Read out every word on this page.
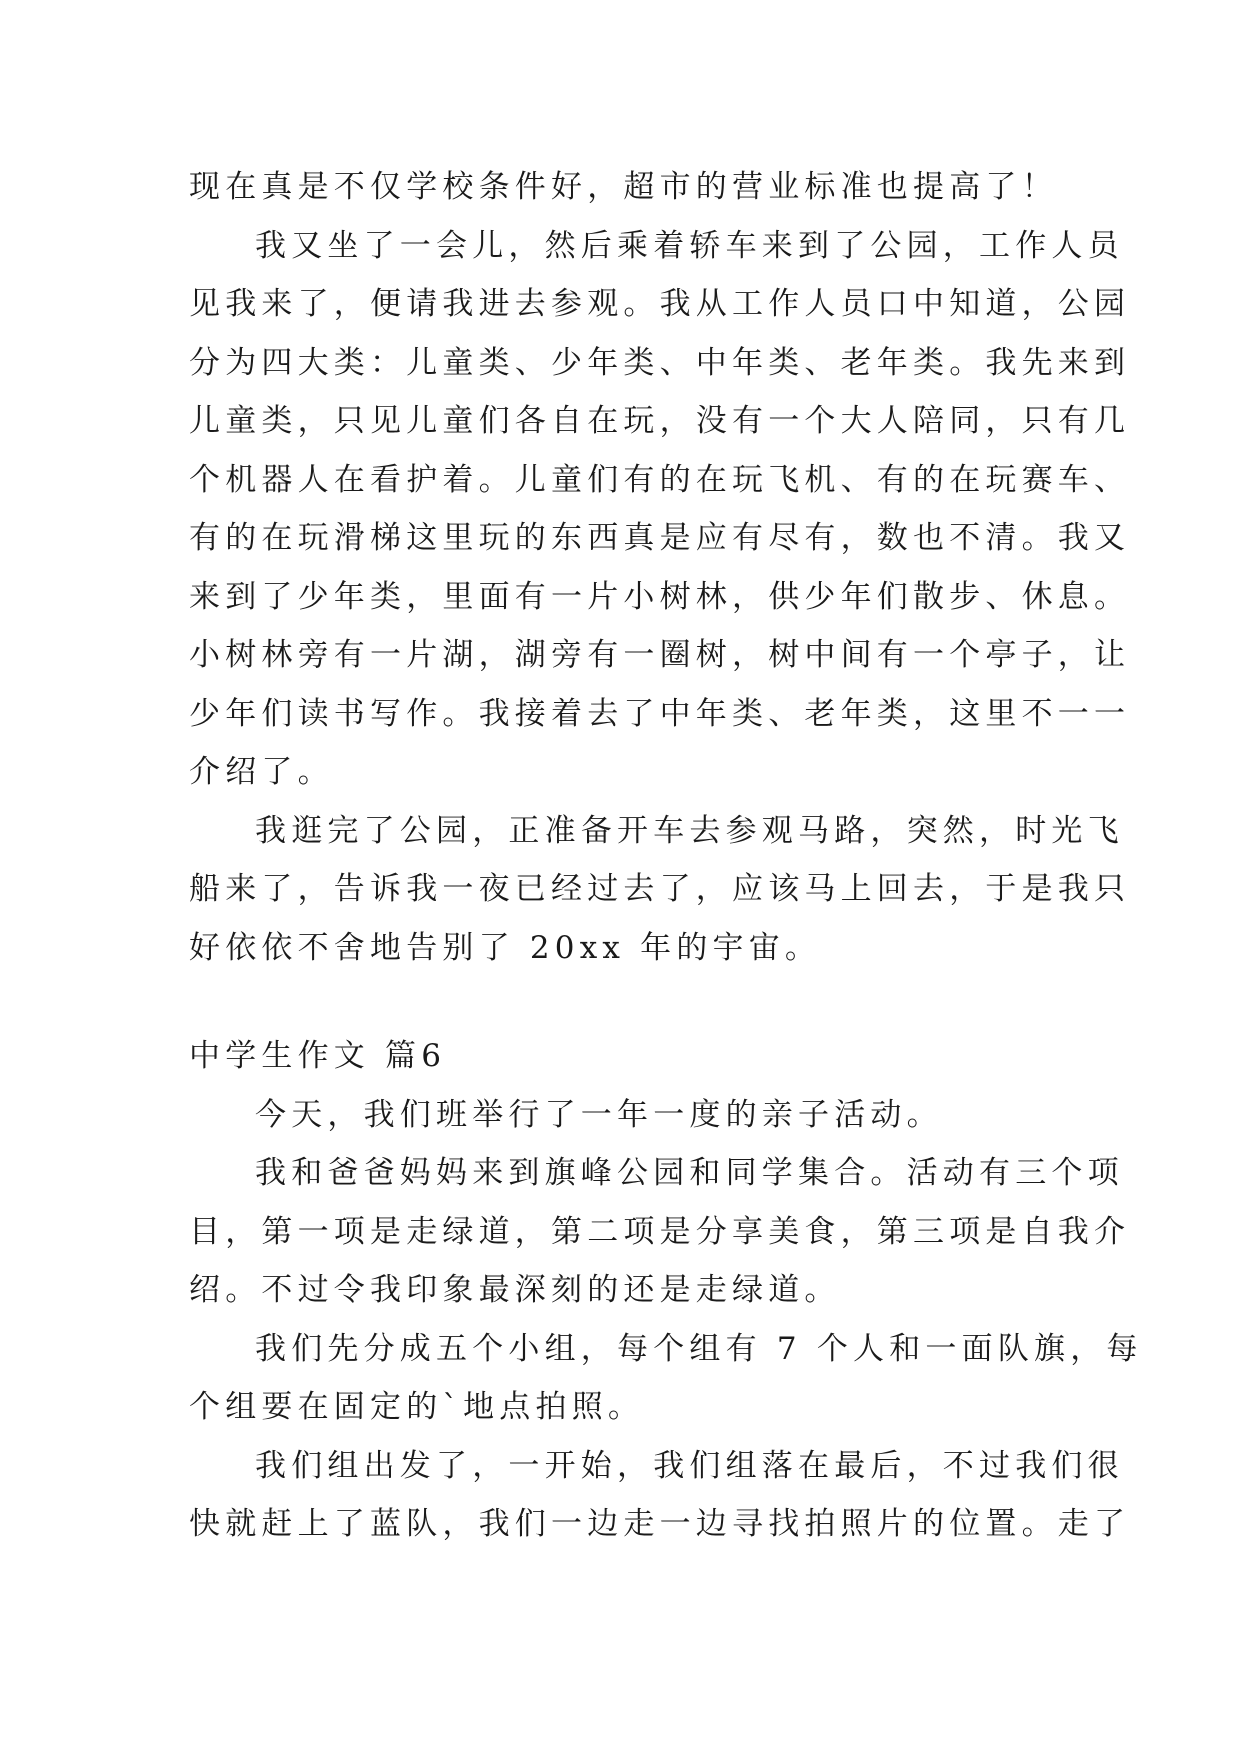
现在真是不仅学校条件好，超市的营业标准也提高了！
我又坐了一会儿，然后乘着轿车来到了公园，工作人员
见我来了，便请我进去参观。我从工作人员口中知道，公园
分为四大类：儿童类、少年类、中年类、老年类。我先来到
儿童类，只见儿童们各自在玩，没有一个大人陪同，只有几
个机器人在看护着。儿童们有的在玩飞机、有的在玩赛车、
有的在玩滑梯这里玩的东西真是应有尽有，数也不清。我又
来到了少年类，里面有一片小树林，供少年们散步、休息。
小树林旁有一片湖，湖旁有一圈树，树中间有一个亭子，让
少年们读书写作。我接着去了中年类、老年类，这里不一一
介绍了。
我逛完了公园，正准备开车去参观马路，突然，时光飞
船来了，告诉我一夜已经过去了，应该马上回去，于是我只
好依依不舍地告别了 20xx 年的宇宙。
中学生作文 篇6
今天，我们班举行了一年一度的亲子活动。
我和爸爸妈妈来到旗峰公园和同学集合。活动有三个项
目，第一项是走绿道，第二项是分享美食，第三项是自我介
绍。不过令我印象最深刻的还是走绿道。
我们先分成五个小组，每个组有 7 个人和一面队旗，每
个组要在固定的`地点拍照。
我们组出发了，一开始，我们组落在最后，不过我们很
快就赶上了蓝队，我们一边走一边寻找拍照片的位置。走了
